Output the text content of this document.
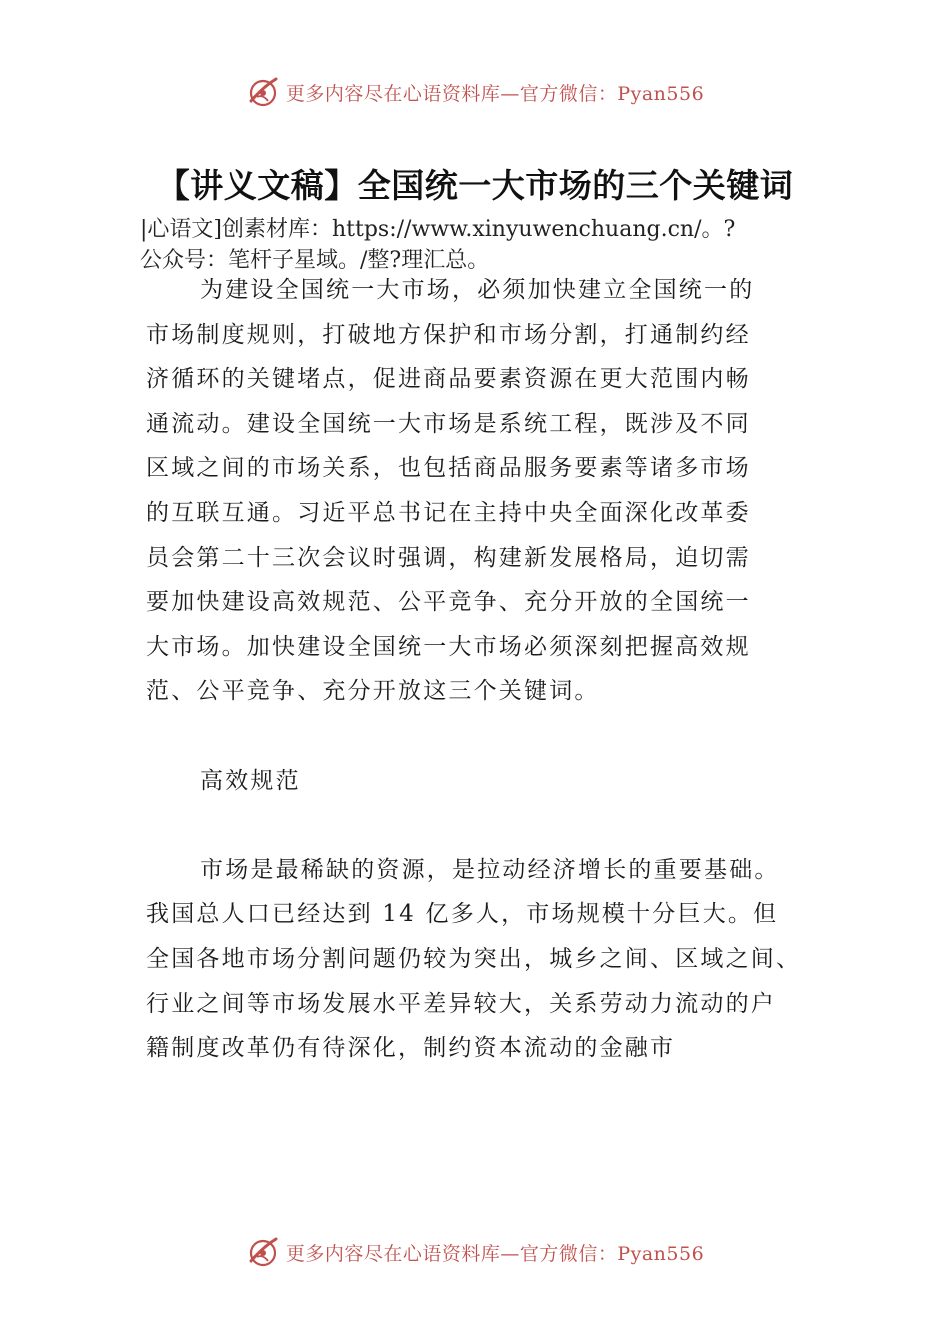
更多内容尽在心语资料库—官方微信：Pyan556
【讲义文稿】全国统一大市场的三个关键词
|心语文]创素材库：https://www.xinyuwenchuang.cn/。?
公众号：笔杆子星域。/整?理汇总。
为建设全国统一大市场，必须加快建立全国统一的
市场制度规则，打破地方保护和市场分割，打通制约经
济循环的关键堵点，促进商品要素资源在更大范围内畅
通流动。建设全国统一大市场是系统工程，既涉及不同
区域之间的市场关系，也包括商品服务要素等诸多市场
的互联互通。习近平总书记在主持中央全面深化改革委
员会第二十三次会议时强调，构建新发展格局，迫切需
要加快建设高效规范、公平竞争、充分开放的全国统一
大市场。加快建设全国统一大市场必须深刻把握高效规
范、公平竞争、充分开放这三个关键词。
高效规范
市场是最稀缺的资源，是拉动经济增长的重要基础。
我国总人口已经达到 14 亿多人，市场规模十分巨大。但
全国各地市场分割问题仍较为突出，城乡之间、区域之间、
行业之间等市场发展水平差异较大，关系劳动力流动的户
籍制度改革仍有待深化，制约资本流动的金融市
更多内容尽在心语资料库—官方微信：Pyan556
